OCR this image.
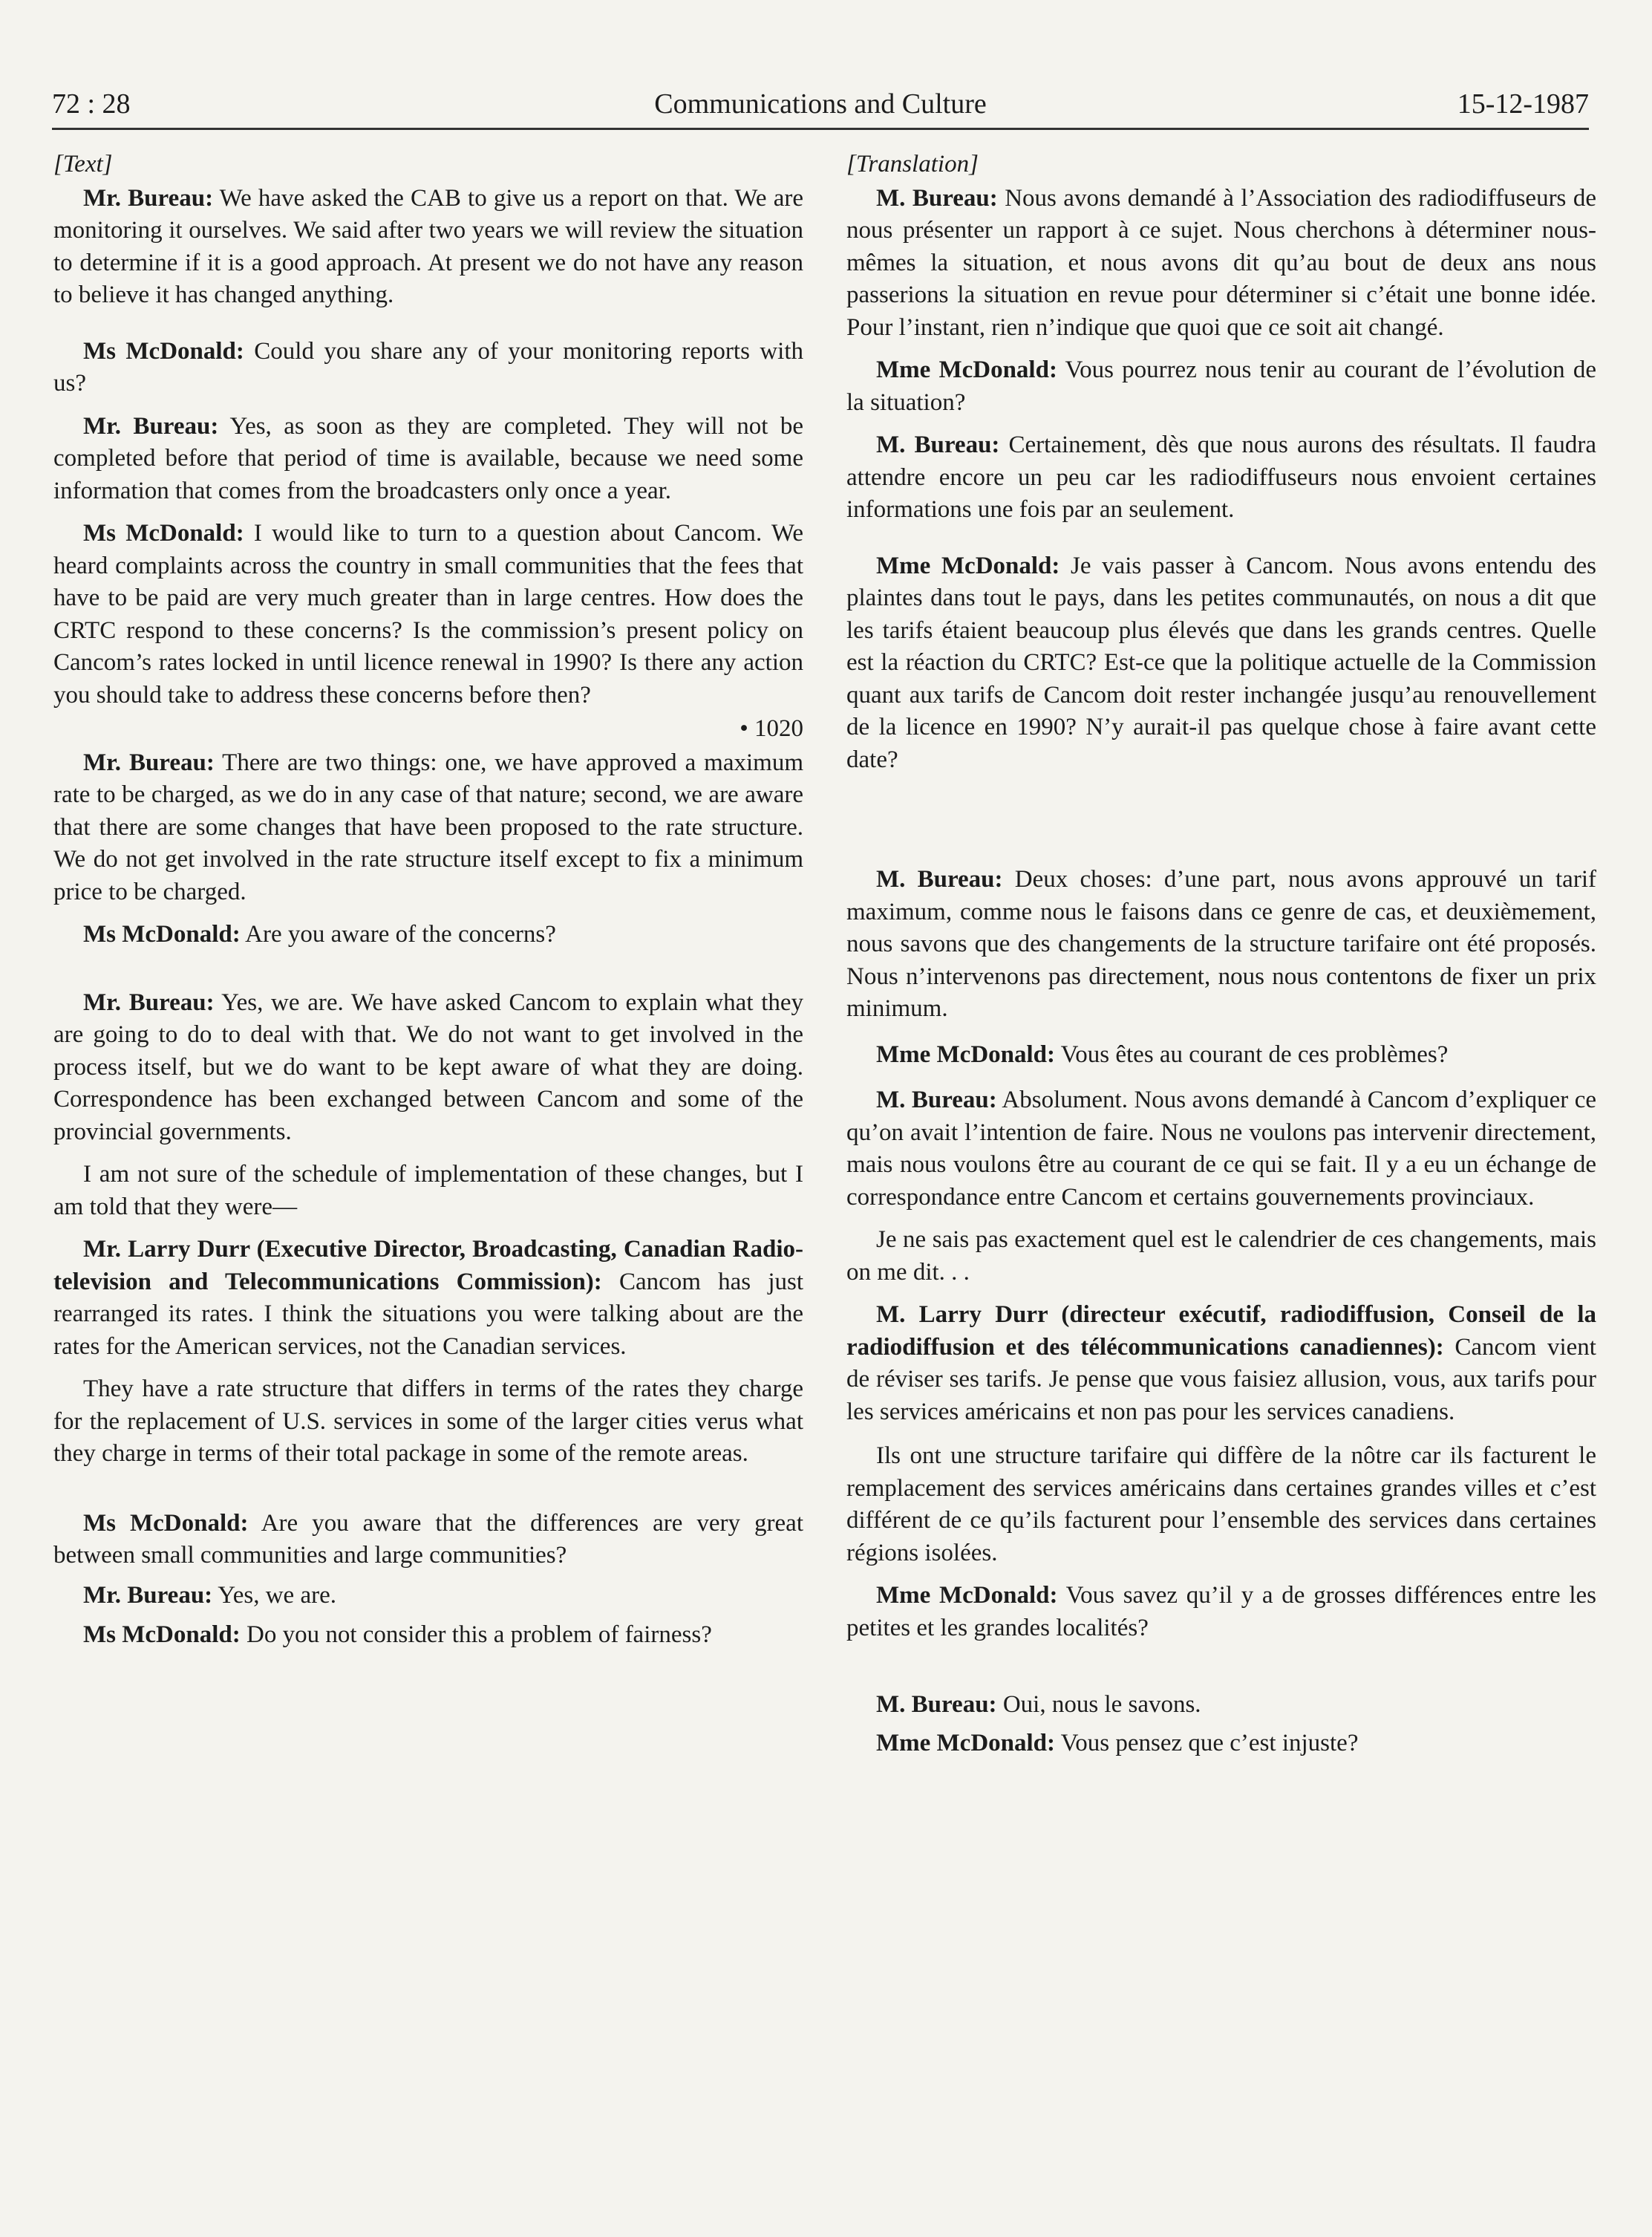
72 : 28	Communications and Culture	15-12-1987
[Text]

Mr. Bureau: We have asked the CAB to give us a report on that. We are monitoring it ourselves. We said after two years we will review the situation to determine if it is a good approach. At present we do not have any reason to believe it has changed anything.

Ms McDonald: Could you share any of your monitoring reports with us?

Mr. Bureau: Yes, as soon as they are completed. They will not be completed before that period of time is available, because we need some information that comes from the broadcasters only once a year.

Ms McDonald: I would like to turn to a question about Cancom. We heard complaints across the country in small communities that the fees that have to be paid are very much greater than in large centres. How does the CRTC respond to these concerns? Is the commission’s present policy on Cancom’s rates locked in until licence renewal in 1990? Is there any action you should take to address these concerns before then?

• 1020

Mr. Bureau: There are two things: one, we have approved a maximum rate to be charged, as we do in any case of that nature; second, we are aware that there are some changes that have been proposed to the rate structure. We do not get involved in the rate structure itself except to fix a minimum price to be charged.

Ms McDonald: Are you aware of the concerns?

Mr. Bureau: Yes, we are. We have asked Cancom to explain what they are going to do to deal with that. We do not want to get involved in the process itself, but we do want to be kept aware of what they are doing. Correspondence has been exchanged between Cancom and some of the provincial governments.

I am not sure of the schedule of implementation of these changes, but I am told that they were—

Mr. Larry Durr (Executive Director, Broadcasting, Canadian Radio-television and Telecommunications Commission): Cancom has just rearranged its rates. I think the situations you were talking about are the rates for the American services, not the Canadian services.

They have a rate structure that differs in terms of the rates they charge for the replacement of U.S. services in some of the larger cities verus what they charge in terms of their total package in some of the remote areas.

Ms McDonald: Are you aware that the differences are very great between small communities and large communities?

Mr. Bureau: Yes, we are.

Ms McDonald: Do you not consider this a problem of fairness?

[Translation]

M. Bureau: Nous avons demandé à l’Association des radiodiffuseurs de nous présenter un rapport à ce sujet. Nous cherchons à déterminer nous-mêmes la situation, et nous avons dit qu’au bout de deux ans nous passerions la situation en revue pour déterminer si c’était une bonne idée. Pour l’instant, rien n’indique que quoi que ce soit ait changé.

Mme McDonald: Vous pourrez nous tenir au courant de l’évolution de la situation?

M. Bureau: Certainement, dès que nous aurons des résultats. Il faudra attendre encore un peu car les radiodiffuseurs nous envoient certaines informations une fois par an seulement.

Mme McDonald: Je vais passer à Cancom. Nous avons entendu des plaintes dans tout le pays, dans les petites communautés, on nous a dit que les tarifs étaient beaucoup plus élevés que dans les grands centres. Quelle est la réaction du CRTC? Est-ce que la politique actuelle de la Commission quant aux tarifs de Cancom doit rester inchangée jusqu’au renouvellement de la licence en 1990? N’y aurait-il pas quelque chose à faire avant cette date?

M. Bureau: Deux choses: d’une part, nous avons approuvé un tarif maximum, comme nous le faisons dans ce genre de cas, et deuxièmement, nous savons que des changements de la structure tarifaire ont été proposés. Nous n’intervenons pas directement, nous nous contentons de fixer un prix minimum.

Mme McDonald: Vous êtes au courant de ces problèmes?

M. Bureau: Absolument. Nous avons demandé à Cancom d’expliquer ce qu’on avait l’intention de faire. Nous ne voulons pas intervenir directement, mais nous voulons être au courant de ce qui se fait. Il y a eu un échange de correspondance entre Cancom et certains gouvernements provinciaux.

Je ne sais pas exactement quel est le calendrier de ces changements, mais on me dit. . .

M. Larry Durr (directeur exécutif, radiodiffusion, Conseil de la radiodiffusion et des télécommunications canadiennes): Cancom vient de réviser ses tarifs. Je pense que vous faisiez allusion, vous, aux tarifs pour les services américains et non pas pour les services canadiens.

Ils ont une structure tarifaire qui diffère de la nôtre car ils facturent le remplacement des services américains dans certaines grandes villes et c’est différent de ce qu’ils facturent pour l’ensemble des services dans certaines régions isolées.

Mme McDonald: Vous savez qu’il y a de grosses différences entre les petites et les grandes localités?

M. Bureau: Oui, nous le savons.

Mme McDonald: Vous pensez que c’est injuste?
